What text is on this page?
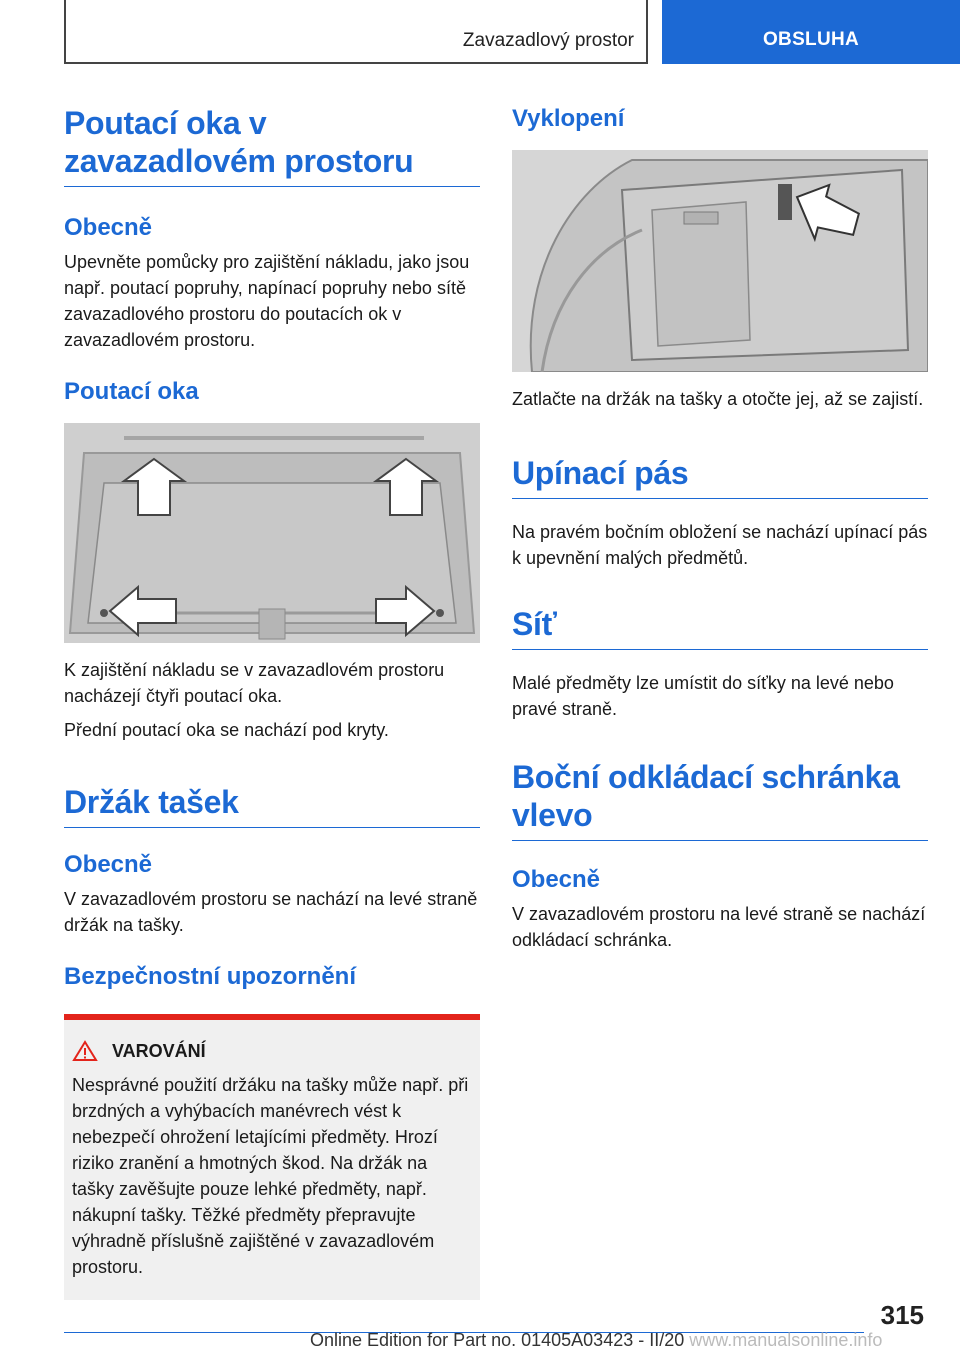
Zavazadlový prostor	OBSLUHA
Poutací oka v
zavazadlovém prostoru
Obecně

Upevněte pomůcky pro zajištění nákladu, jako jsou např. poutací popruhy, napínací popruhy nebo sítě zavazadlového prostoru do poutacích ok v zavazadlovém prostoru.

Poutací oka

K zajištění nákladu se v zavazadlovém prostoru nacházejí čtyři poutací oka.

Přední poutací oka se nachází pod kryty.

Držák tašek
Obecně

V zavazadlovém prostoru se nachází na levé straně držák na tašky.

Bezpečnostní upozornění
VAROVÁNÍ

Nesprávné použití držáku na tašky může např. při brzdných a vyhýbacích manévrech vést k nebezpečí ohrožení letajícími předměty. Hrozí riziko zranění a hmotných škod. Na držák na tašky zavěšujte pouze lehké předměty, např. nákupní tašky. Těžké předměty přepravujte výhradně příslušně zajištěné v zavazadlovém prostoru.

Vyklopení

Zatlačte na držák na tašky a otočte jej, až se zajistí.

Upínací pás

Na pravém bočním obložení se nachází upínací pás k upevnění malých předmětů.

Síť

Malé předměty lze umístit do síťky na levé nebo pravé straně.

Boční odkládací schránka vlevo
Obecně

V zavazadlovém prostoru na levé straně se nachází odkládací schránka.

315
Online Edition for Part no. 01405A03423 - II/20 www.manualsonline.info
